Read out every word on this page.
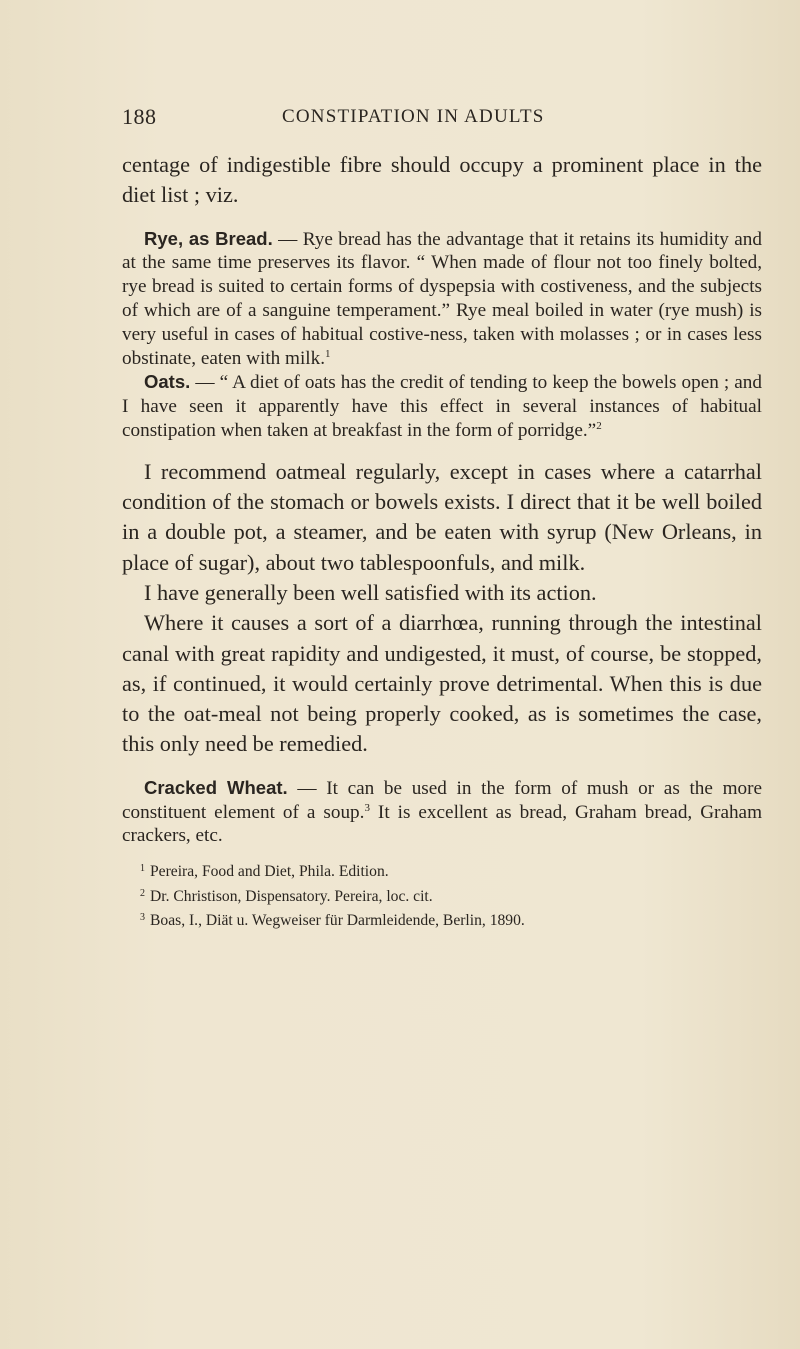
188	CONSTIPATION IN ADULTS

centage of indigestible fibre should occupy a prominent place in the diet list ; viz.

Rye, as Bread. — Rye bread has the advantage that it retains its humidity and at the same time preserves its flavor. “ When made of flour not too finely bolted, rye bread is suited to certain forms of dyspepsia with costiveness, and the subjects of which are of a sanguine temperament.” Rye meal boiled in water (rye mush) is very useful in cases of habitual costive-ness, taken with molasses ; or in cases less obstinate, eaten with milk.$^1$

Oats. — “ A diet of oats has the credit of tending to keep the bowels open ; and I have seen it apparently have this effect in several instances of habitual constipation when taken at breakfast in the form of porridge.”$^2$

I recommend oatmeal regularly, except in cases where a catarrhal condition of the stomach or bowels exists. I direct that it be well boiled in a double pot, a steamer, and be eaten with syrup (New Orleans, in place of sugar), about two tablespoonfuls, and milk.

I have generally been well satisfied with its action.

Where it causes a sort of a diarrhœa, running through the intestinal canal with great rapidity and undigested, it must, of course, be stopped, as, if continued, it would certainly prove detrimental. When this is due to the oat-meal not being properly cooked, as is sometimes the case, this only need be remedied.

Cracked Wheat. — It can be used in the form of mush or as the more constituent element of a soup.$^3$ It is excellent as bread, Graham bread, Graham crackers, etc.

$^1$ Pereira, Food and Diet, Phila. Edition.
$^2$ Dr. Christison, Dispensatory. Pereira, loc. cit.
$^3$ Boas, I., Diät u. Wegweiser für Darmleidende, Berlin, 1890.
